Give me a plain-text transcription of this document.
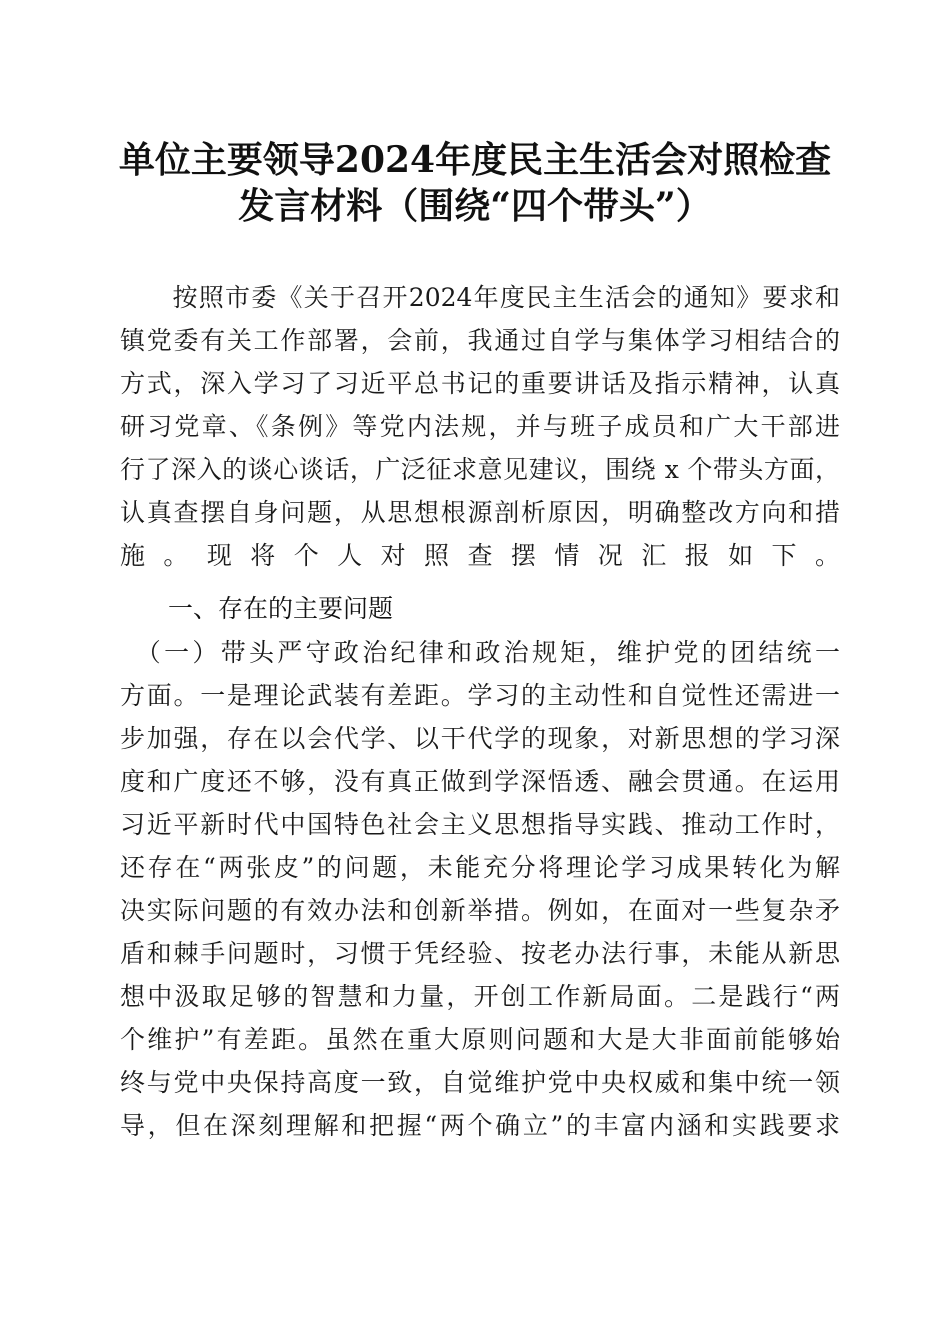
单位主要领导2024年度民主生活会对照检查
发言材料（围绕“四个带头”）
　　按照市委《关于召开2024年度民主生活会的通知》要求和
镇党委有关工作部署，会前，我通过自学与集体学习相结合的
方式，深入学习了习近平总书记的重要讲话及指示精神，认真
研习党章、《条例》等党内法规，并与班子成员和广大干部进
行了深入的谈心谈话，广泛征求意见建议，围绕 x 个带头方面，
认真查摆自身问题，从思想根源剖析原因，明确整改方向和措
施。现将个人对照查摆情况汇报如下。
一、存在的主要问题
　（一）带头严守政治纪律和政治规矩，维护党的团结统一
方面。一是理论武装有差距。学习的主动性和自觉性还需进一
步加强，存在以会代学、以干代学的现象，对新思想的学习深
度和广度还不够，没有真正做到学深悟透、融会贯通。在运用
习近平新时代中国特色社会主义思想指导实践、推动工作时，
还存在“两张皮”的问题，未能充分将理论学习成果转化为解
决实际问题的有效办法和创新举措。例如，在面对一些复杂矛
盾和棘手问题时，习惯于凭经验、按老办法行事，未能从新思
想中汲取足够的智慧和力量，开创工作新局面。二是践行“两
个维护”有差距。虽然在重大原则问题和大是大非面前能够始
终与党中央保持高度一致，自觉维护党中央权威和集中统一领
导，但在深刻理解和把握“两个确立”的丰富内涵和实践要求
